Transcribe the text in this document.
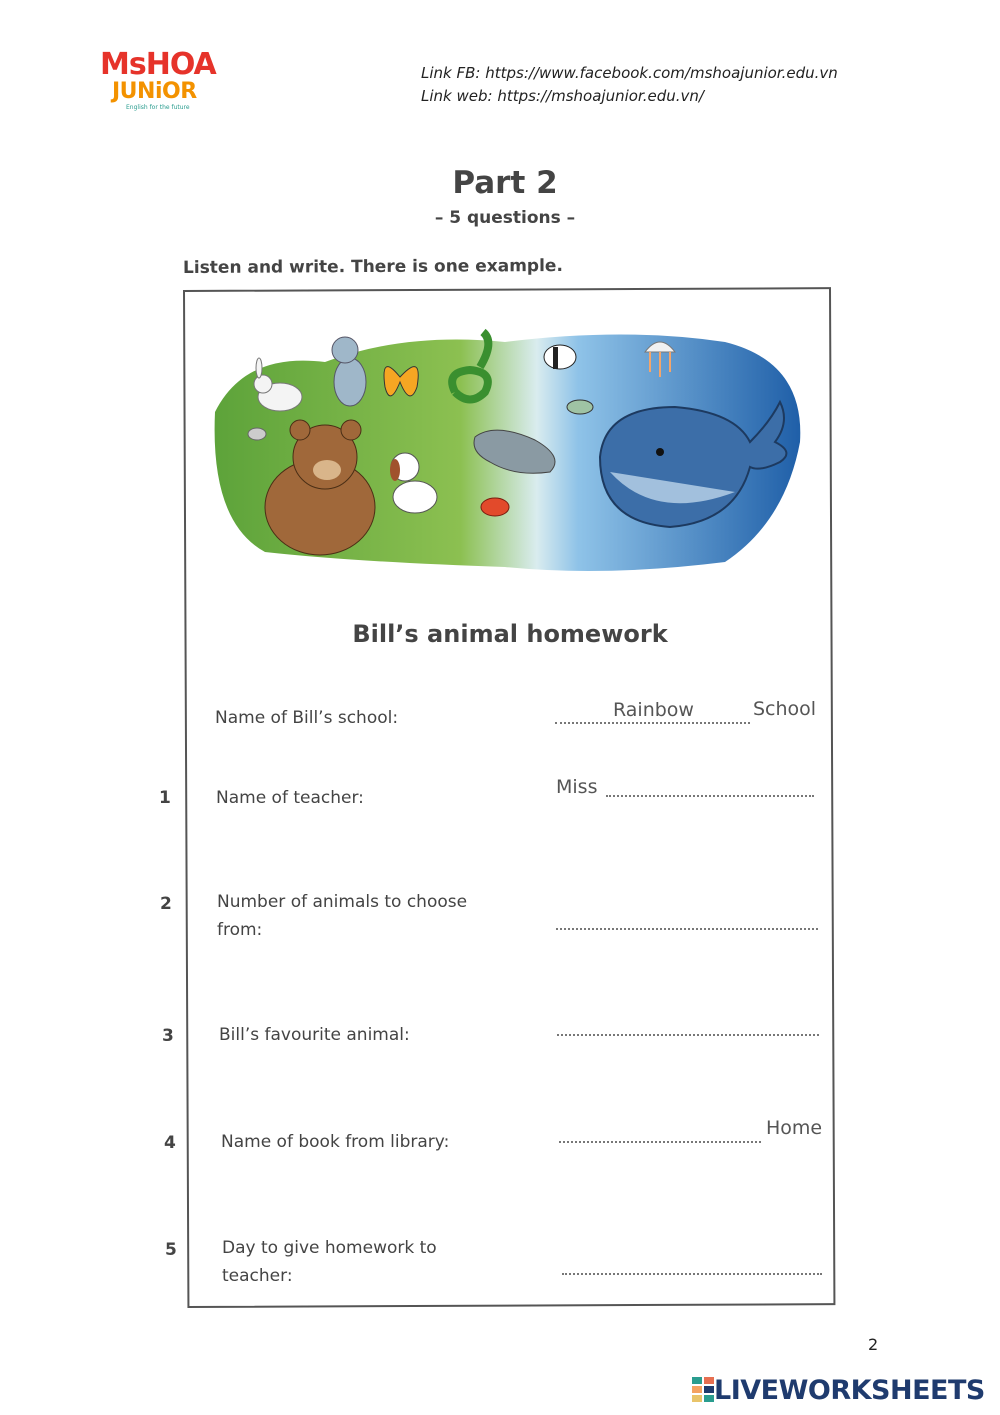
MsHOA
JUNiOR
English for the future
Link FB: https://www.facebook.com/mshoajunior.edu.vn
Link web: https://mshoajunior.edu.vn/
Part 2
– 5 questions –
Listen and write. There is one example.
Bill’s animal homework
Name of Bill’s school:	Rainbow	School
1	Name of teacher:	Miss
2	Number of animals to choose
from:
3	Bill’s favourite animal:
4	Name of book from library:
Home
5	Day to give homework to
teacher:
2
LIVEWORKSHEETS
